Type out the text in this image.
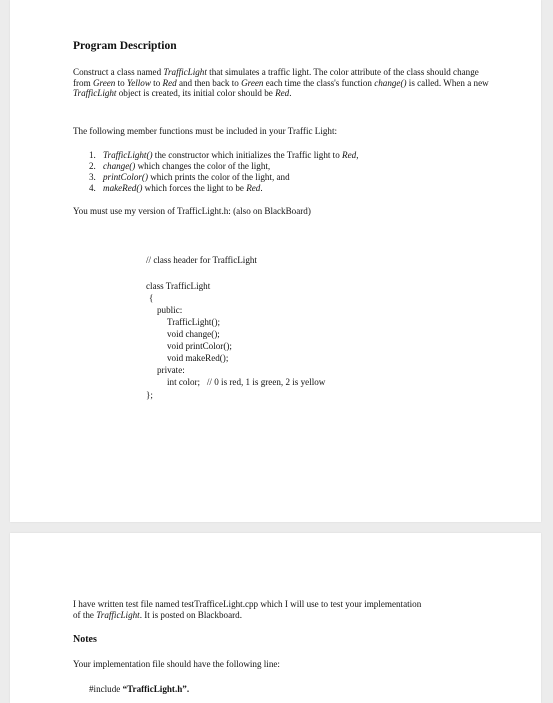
Program Description
Construct a class named TrafficLight that simulates a traffic light. The color attribute of the class should change from Green to Yellow to Red and then back to Green each time the class's function change() is called. When a new TrafficLight object is created, its initial color should be Red.
The following member functions must be included in your Traffic Light:
1. TrafficLight() the constructor which initializes the Traffic light to Red,
2. change() which changes the color of the light,
3. printColor() which prints the color of the light, and
4. makeRed() which forces the light to be Red.
You must use my version of TrafficLight.h: (also on BlackBoard)
// class header for TrafficLight
class TrafficLight
{
public:
TrafficLight();
void change();
void printColor();
void makeRed();
private:
int color;   // 0 is red, 1 is green, 2 is yellow
};
I have written test file named testTrafficeLight.cpp which I will use to test your implementation
of the TrafficLight. It is posted on Blackboard.
Notes
Your implementation file should have the following line:
#include “TrafficLight.h”.
